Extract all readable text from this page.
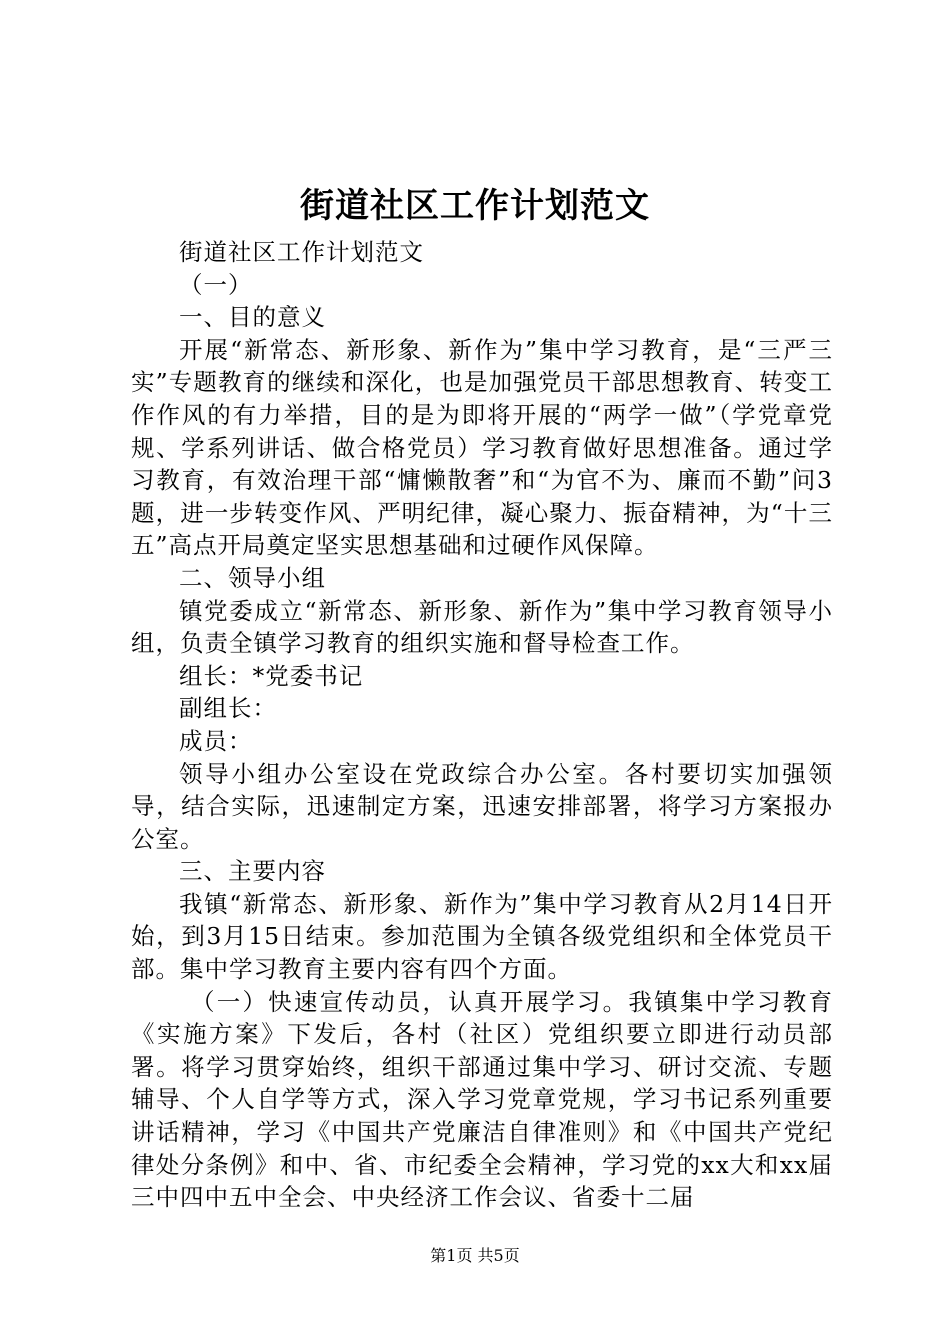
街道社区工作计划范文

街道社区工作计划范文

（一）

一、目的意义

开展“新常态、新形象、新作为”集中学习教育，是“三严三实”专题教育的继续和深化，也是加强党员干部思想教育、转变工作作风的有力举措，目的是为即将开展的“两学一做”（学党章党规、学系列讲话、做合格党员）学习教育做好思想准备。通过学习教育，有效治理干部“慵懒散奢”和“为官不为、廉而不勤”问3题，进一步转变作风、严明纪律，凝心聚力、振奋精神，为“十三五”高点开局奠定坚实思想基础和过硬作风保障。

二、领导小组

镇党委成立“新常态、新形象、新作为”集中学习教育领导小组，负责全镇学习教育的组织实施和督导检查工作。

组长：*党委书记

副组长：

成员：

领导小组办公室设在党政综合办公室。各村要切实加强领导，结合实际，迅速制定方案，迅速安排部署，将学习方案报办公室。

三、主要内容

我镇“新常态、新形象、新作为”集中学习教育从2月14日开始，到3月15日结束。参加范围为全镇各级党组织和全体党员干部。集中学习教育主要内容有四个方面。

（一）快速宣传动员，认真开展学习。我镇集中学习教育《实施方案》下发后，各村（社区）党组织要立即进行动员部署。将学习贯穿始终，组织干部通过集中学习、研讨交流、专题辅导、个人自学等方式，深入学习党章党规，学习书记系列重要讲话精神，学习《中国共产党廉洁自律准则》和《中国共产党纪律处分条例》和中、省、市纪委全会精神，学习党的xx大和xx届三中四中五中全会、中央经济工作会议、省委十二届

第1页 共5页
